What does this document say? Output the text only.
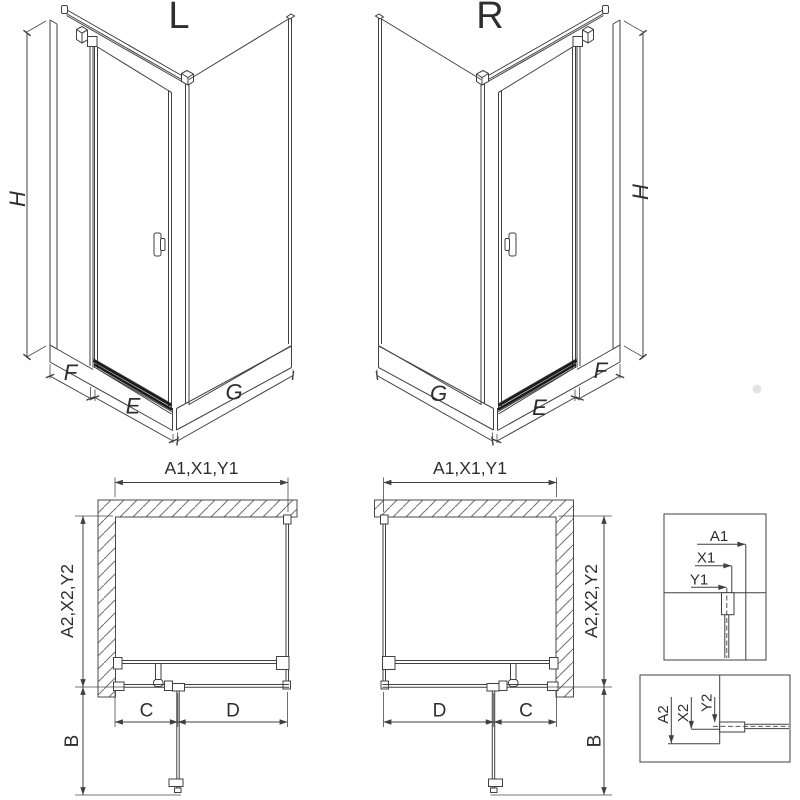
L
H
F
E
G
R
H
G
E
F
A1,X1,Y1
A2,X2,Y2
C	D
B
A1,X1,Y1
A2,X2,Y2
D	C
B
A1
X1
Y1
A2 X2
Y2
